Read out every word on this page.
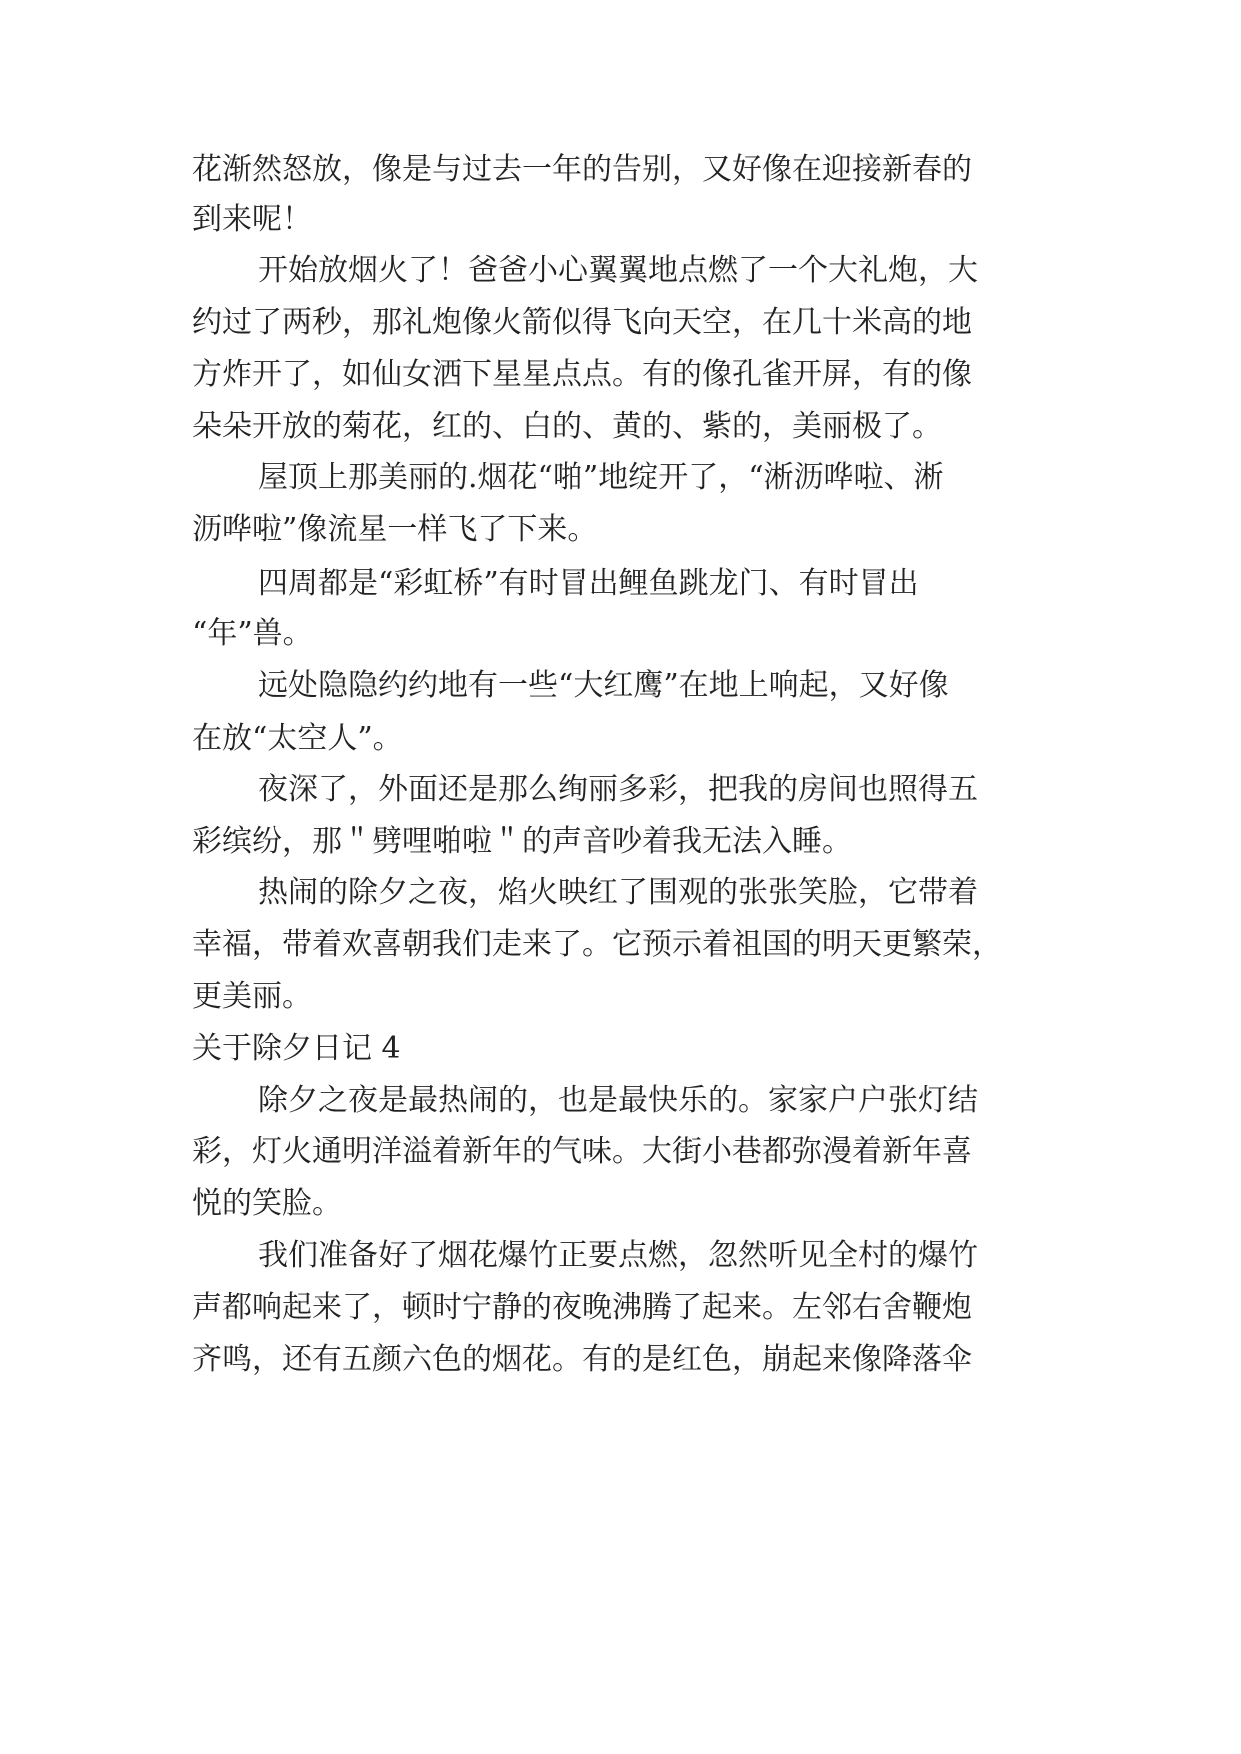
花渐然怒放，像是与过去一年的告别，又好像在迎接新春的
到来呢！
开始放烟火了！爸爸小心翼翼地点燃了一个大礼炮，大
约过了两秒，那礼炮像火箭似得飞向天空，在几十米高的地
方炸开了，如仙女洒下星星点点。有的像孔雀开屏，有的像
朵朵开放的菊花，红的、白的、黄的、紫的，美丽极了。
屋顶上那美丽的.烟花“啪”地绽开了，“淅沥哗啦、淅
沥哗啦”像流星一样飞了下来。
四周都是“彩虹桥”有时冒出鲤鱼跳龙门、有时冒出
“年”兽。
远处隐隐约约地有一些“大红鹰”在地上响起，又好像
在放“太空人”。
夜深了，外面还是那么绚丽多彩，把我的房间也照得五
彩缤纷，那＂劈哩啪啦＂的声音吵着我无法入睡。
热闹的除夕之夜，焰火映红了围观的张张笑脸，它带着
幸福，带着欢喜朝我们走来了。它预示着祖国的明天更繁荣，
更美丽。
关于除夕日记 4
除夕之夜是最热闹的，也是最快乐的。家家户户张灯结
彩，灯火通明洋溢着新年的气味。大街小巷都弥漫着新年喜
悦的笑脸。
我们准备好了烟花爆竹正要点燃，忽然听见全村的爆竹
声都响起来了，顿时宁静的夜晚沸腾了起来。左邻右舍鞭炮
齐鸣，还有五颜六色的烟花。有的是红色，崩起来像降落伞
